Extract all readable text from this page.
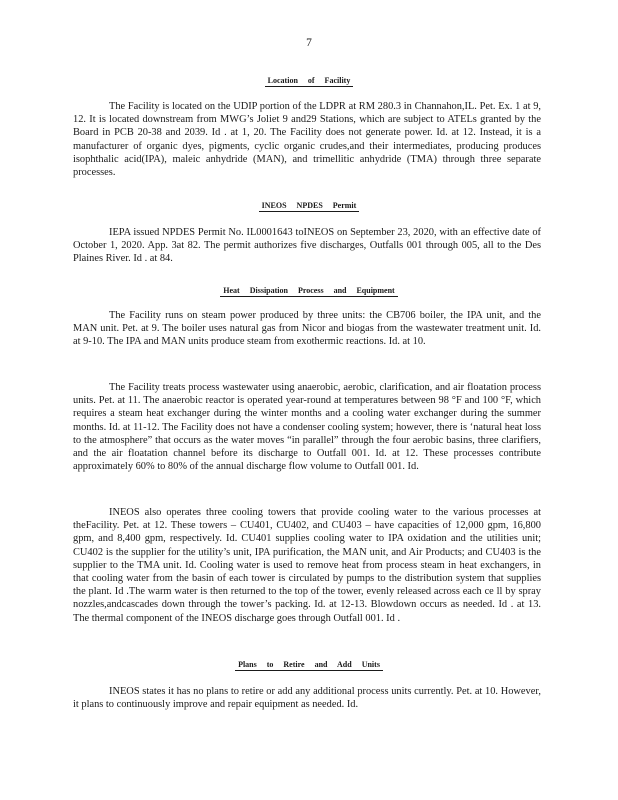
7
Location of Facility
The Facility is located on the UDIP portion of the LDPR at RM 280.3 in Channahon,IL. Pet. Ex. 1 at 9, 12. It is located downstream from MWG’s Joliet 9 and29 Stations, which are subject to ATELs granted by the Board in PCB 20-38 and 2039. Id . at 1, 20. The Facility does not generate power. Id. at 12. Instead, it is a manufacturer of organic dyes, pigments, cyclic organic crudes,and their intermediates, producing produces isophthalic acid(IPA), maleic anhydride (MAN), and trimellitic anhydride (TMA) through three separate processes.
INEOS NPDES Permit
IEPA issued NPDES Permit No. IL0001643 toINEOS on September 23, 2020, with an effective date of October 1, 2020. App. 3at 82. The permit authorizes five discharges, Outfalls 001 through 005, all to the Des Plaines River. Id . at 84.
Heat Dissipation Process and Equipment
The Facility runs on steam power produced by three units: the CB706 boiler, the IPA unit, and the MAN unit. Pet. at 9. The boiler uses natural gas from Nicor and biogas from the wastewater treatment unit. Id. at 9-10. The IPA and MAN units produce steam from exothermic reactions. Id. at 10.
The Facility treats process wastewater using anaerobic, aerobic, clarification, and air floatation process units. Pet. at 11. The anaerobic reactor is operated year-round at temperatures between 98 °F and 100 °F, which requires a steam heat exchanger during the winter months and a cooling water exchanger during the summer months. Id. at 11-12. The Facility does not have a condenser cooling system; however, there is ‘natural heat loss to the atmosphere” that occurs as the water moves “in parallel” through the four aerobic basins, three clarifiers, and the air floatation channel before its discharge to Outfall 001. Id. at 12. These processes contribute approximately 60% to 80% of the annual discharge flow volume to Outfall 001. Id.
INEOS also operates three cooling towers that provide cooling water to the various processes at theFacility. Pet. at 12. These towers – CU401, CU402, and CU403 – have capacities of 12,000 gpm, 16,800 gpm, and 8,400 gpm, respectively. Id. CU401 supplies cooling water to IPA oxidation and the utilities unit; CU402 is the supplier for the utility’s unit, IPA purification, the MAN unit, and Air Products; and CU403 is the supplier to the TMA unit. Id. Cooling water is used to remove heat from process steam in heat exchangers, in that cooling water from the basin of each tower is circulated by pumps to the distribution system that supplies the plant. Id .The warm water is then returned to the top of the tower, evenly released across each ce ll by spray nozzles,andcascades down through the tower’s packing. Id. at 12-13. Blowdown occurs as needed. Id . at 13. The thermal component of the INEOS discharge goes through Outfall 001. Id .
Plans to Retire and Add Units
INEOS states it has no plans to retire or add any additional process units currently. Pet. at 10. However, it plans to continuously improve and repair equipment as needed. Id.
